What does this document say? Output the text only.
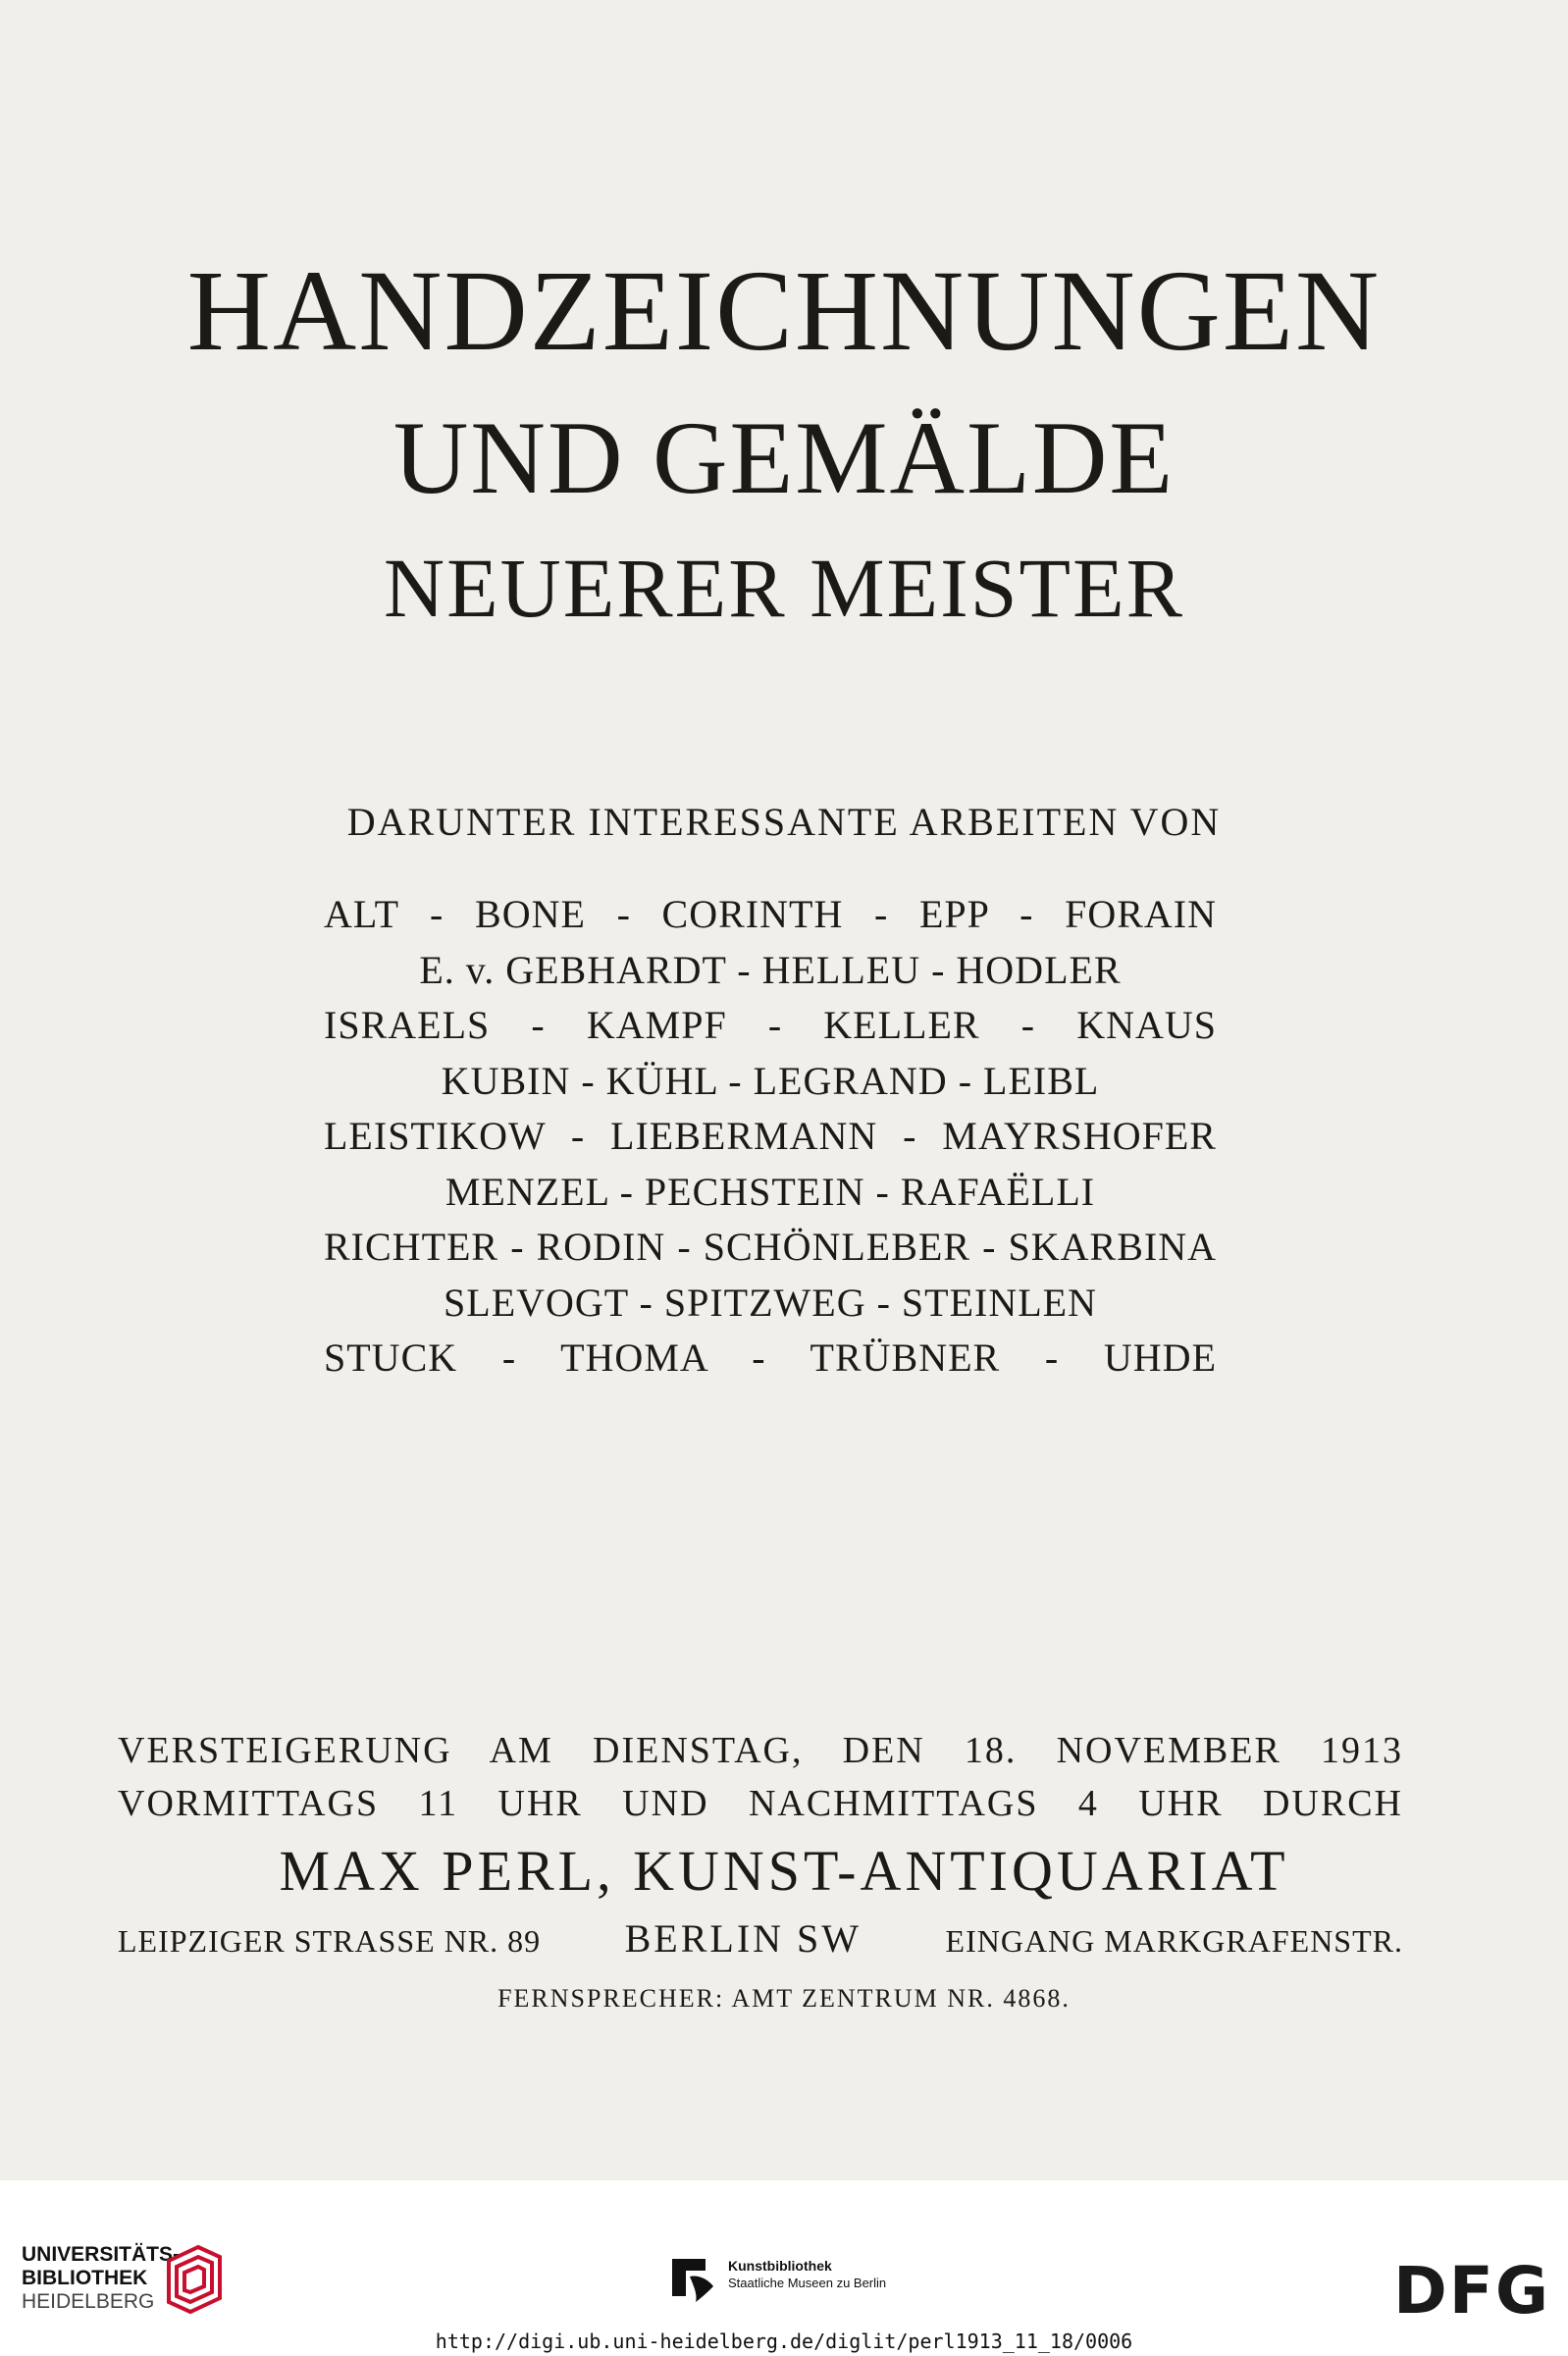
HANDZEICHNUNGEN
UND GEMÄLDE
NEUERER MEISTER
DARUNTER INTERESSANTE ARBEITEN VON
ALT - BONE - CORINTH - EPP - FORAIN
E. v. GEBHARDT - HELLEU - HODLER
ISRAELS - KAMPF - KELLER - KNAUS
KUBIN - KÜHL - LEGRAND - LEIBL
LEISTIKOW - LIEBERMANN - MAYRSHOFER
MENZEL - PECHSTEIN - RAFAËLLI
RICHTER - RODIN - SCHÖNLEBER - SKARBINA
SLEVOGT - SPITZWEG - STEINLEN
STUCK - THOMA - TRÜBNER - UHDE
VERSTEIGERUNG AM DIENSTAG, DEN 18. NOVEMBER 1913
VORMITTAGS 11 UHR UND NACHMITTAGS 4 UHR DURCH
MAX PERL, KUNST-ANTIQUARIAT
LEIPZIGER STRASSE NR. 89 BERLIN SW	EINGANG MARKGRAFENSTR.
FERNSPRECHER: AMT ZENTRUM NR. 4868.
UNIVERSITÄTS-
BIBLIOTHEK
HEIDELBERG
Kunstbibliothek
Staatliche Museen zu Berlin	DFG
http://digi.ub.uni-heidelberg.de/diglit/perl1913_11_18/0006
